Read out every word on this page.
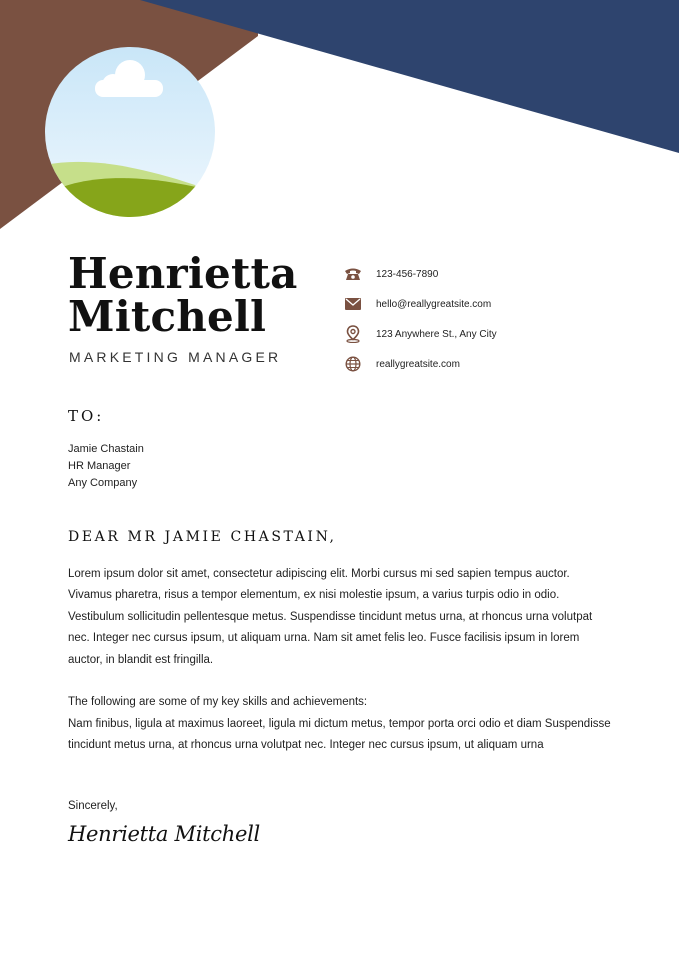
Henrietta
Mitchell
MARKETING MANAGER
123-456-7890
hello@reallygreatsite.com
123 Anywhere St., Any City
reallygreatsite.com
TO:
Jamie Chastain
HR Manager
Any Company
DEAR MR JAMIE CHASTAIN,

Lorem ipsum dolor sit amet, consectetur adipiscing elit. Morbi cursus mi sed sapien tempus auctor. Vivamus pharetra, risus a tempor elementum, ex nisi molestie ipsum, a varius turpis odio in odio. Vestibulum sollicitudin pellentesque metus. Suspendisse tincidunt metus urna, at rhoncus urna volutpat nec. Integer nec cursus ipsum, ut aliquam urna. Nam sit amet felis leo. Fusce facilisis ipsum in lorem auctor, in blandit est fringilla.

The following are some of my key skills and achievements:

Nam finibus, ligula at maximus laoreet, ligula mi dictum metus, tempor porta orci odio et diam Suspendisse tincidunt metus urna, at rhoncus urna volutpat nec. Integer nec cursus ipsum, ut aliquam urna

Sincerely,
Henrietta Mitchell
